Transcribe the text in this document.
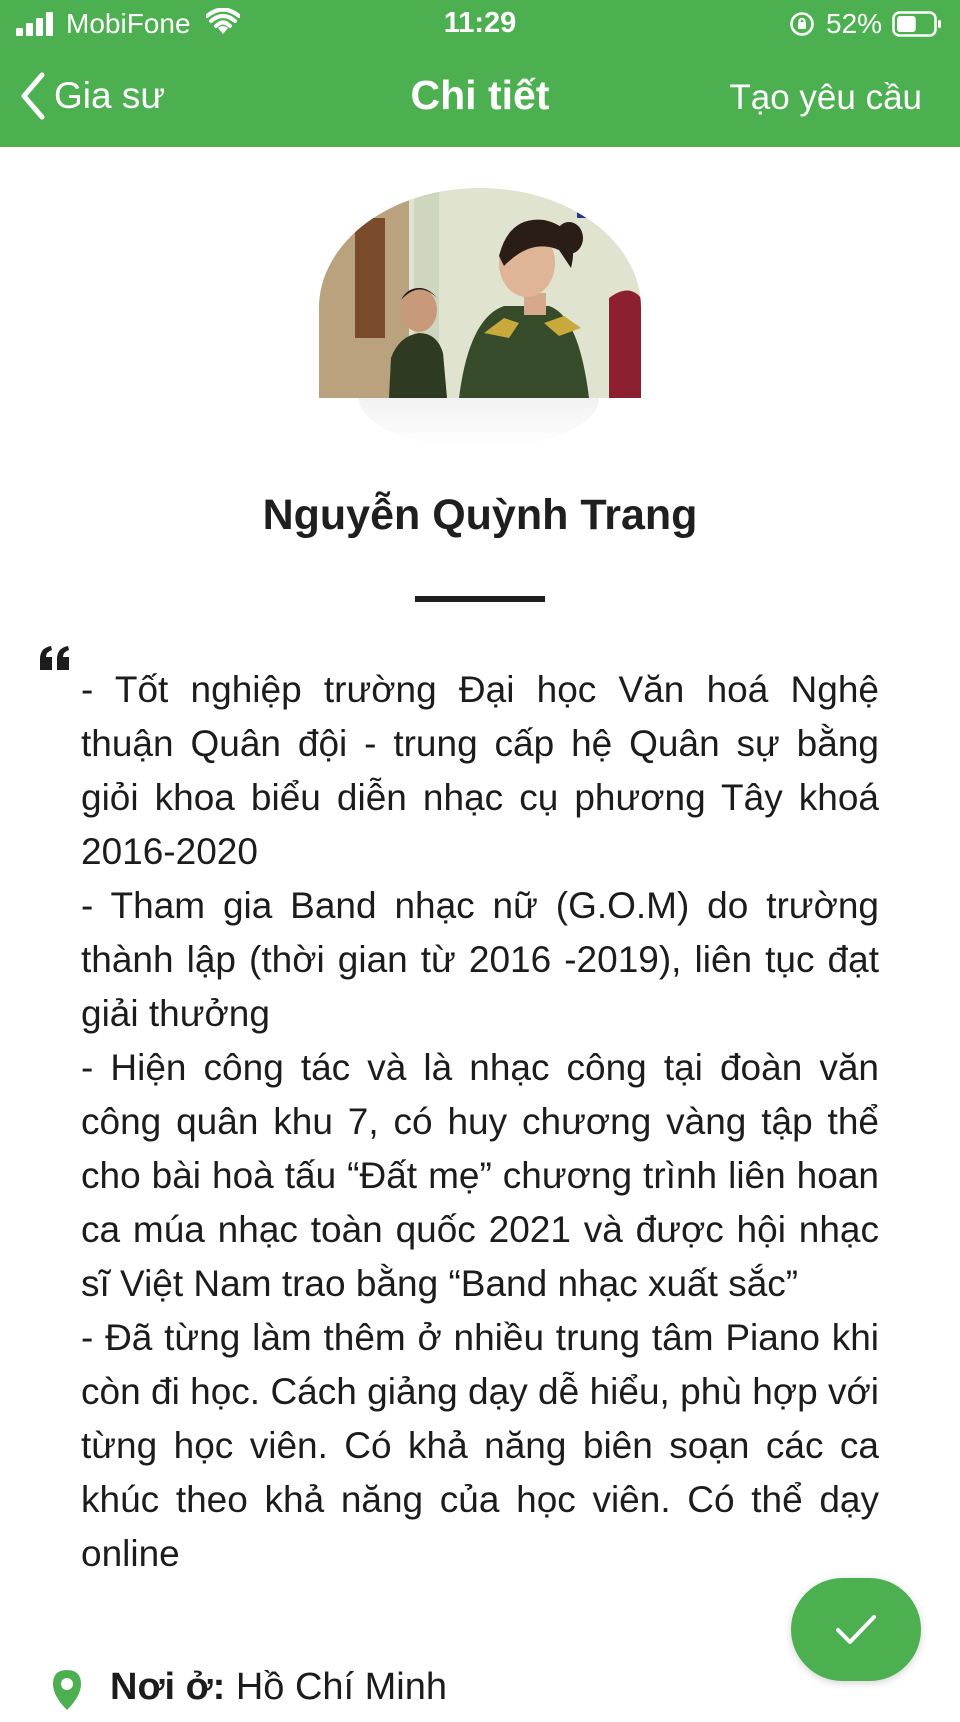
MobiFone	11:29	52%
Gia sư	Chi tiết	Tạo yêu cầu
Nguyễn Quỳnh Trang

- Tốt nghiệp trường Đại học Văn hoá Nghệ thuận Quân đội - trung cấp hệ Quân sự bằng giỏi khoa biểu diễn nhạc cụ phương Tây khoá 2016-2020

- Tham gia Band nhạc nữ (G.O.M) do trường thành lập (thời gian từ 2016 -2019), liên tục đạt giải thưởng

- Hiện công tác và là nhạc công tại đoàn văn công quân khu 7, có huy chương vàng tập thể cho bài hoà tấu “Đất mẹ” chương trình liên hoan ca múa nhạc toàn quốc 2021 và được hội nhạc sĩ Việt Nam trao bằng “Band nhạc xuất sắc”

- Đã từng làm thêm ở nhiều trung tâm Piano khi còn đi học. Cách giảng dạy dễ hiểu, phù hợp với từng học viên. Có khả năng biên soạn các ca khúc theo khả năng của học viên. Có thể dạy online

Nơi ở: Hồ Chí Minh
